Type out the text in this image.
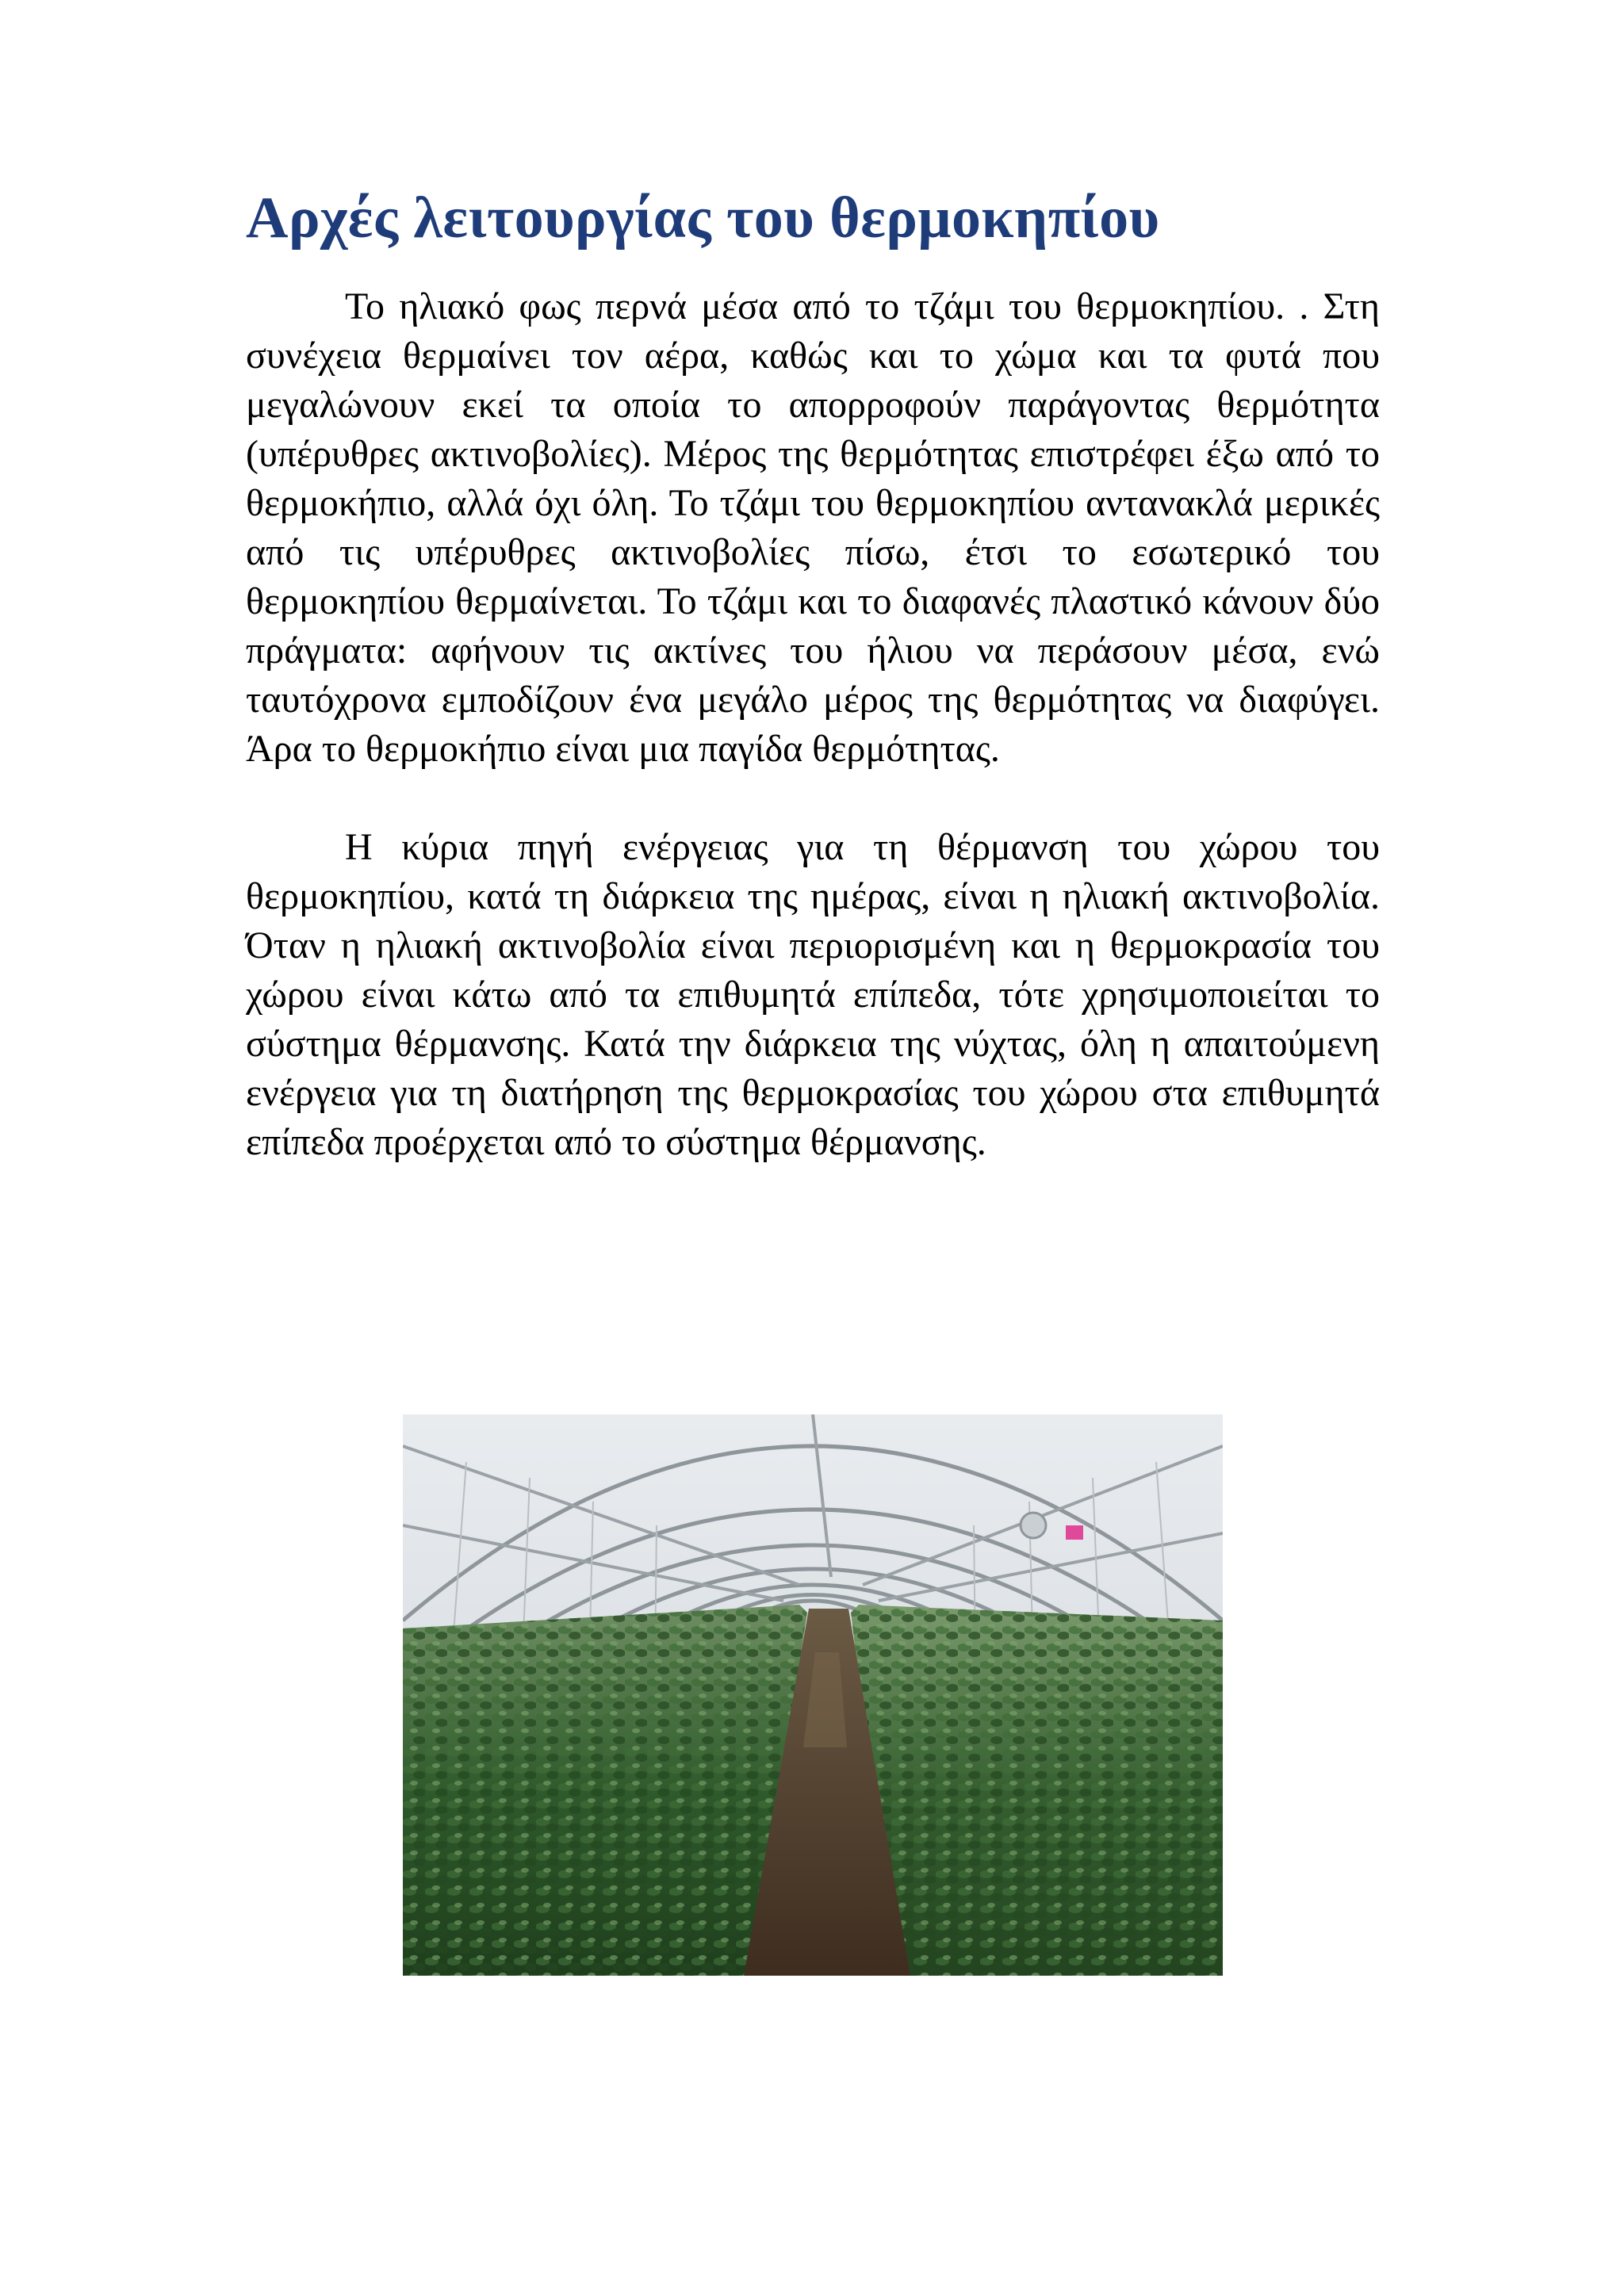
Αρχές λειτουργίας του θερμοκηπίου

Το ηλιακό φως περνά μέσα από το τζάμι του θερμοκηπίου. . Στη συνέχεια θερμαίνει τον αέρα, καθώς και το χώμα και τα φυτά που μεγαλώνουν εκεί τα οποία το απορροφούν παράγοντας θερμότητα (υπέρυθρες ακτινοβολίες). Μέρος της θερμότητας επιστρέφει έξω από το θερμοκήπιο, αλλά όχι όλη. Το τζάμι του θερμοκηπίου αντανακλά μερικές από τις υπέρυθρες ακτινοβολίες πίσω, έτσι το εσωτερικό του θερμοκηπίου θερμαίνεται. Το τζάμι και το διαφανές πλαστικό κάνουν δύο πράγματα: αφήνουν τις ακτίνες του ήλιου να περάσουν μέσα, ενώ ταυτόχρονα εμποδίζουν ένα μεγάλο μέρος της θερμότητας να διαφύγει. Άρα το θερμοκήπιο είναι μια παγίδα θερμότητας.

Η κύρια πηγή ενέργειας για τη θέρμανση του χώρου του θερμοκηπίου, κατά τη διάρκεια της ημέρας, είναι η ηλιακή ακτινοβολία. Όταν η ηλιακή ακτινοβολία είναι περιορισμένη και η θερμοκρασία του χώρου είναι κάτω από τα επιθυμητά επίπεδα, τότε χρησιμοποιείται το σύστημα θέρμανσης. Κατά την διάρκεια της νύχτας, όλη η απαιτούμενη ενέργεια για τη διατήρηση της θερμοκρασίας του χώρου στα επιθυμητά επίπεδα προέρχεται από το σύστημα θέρμανσης.
